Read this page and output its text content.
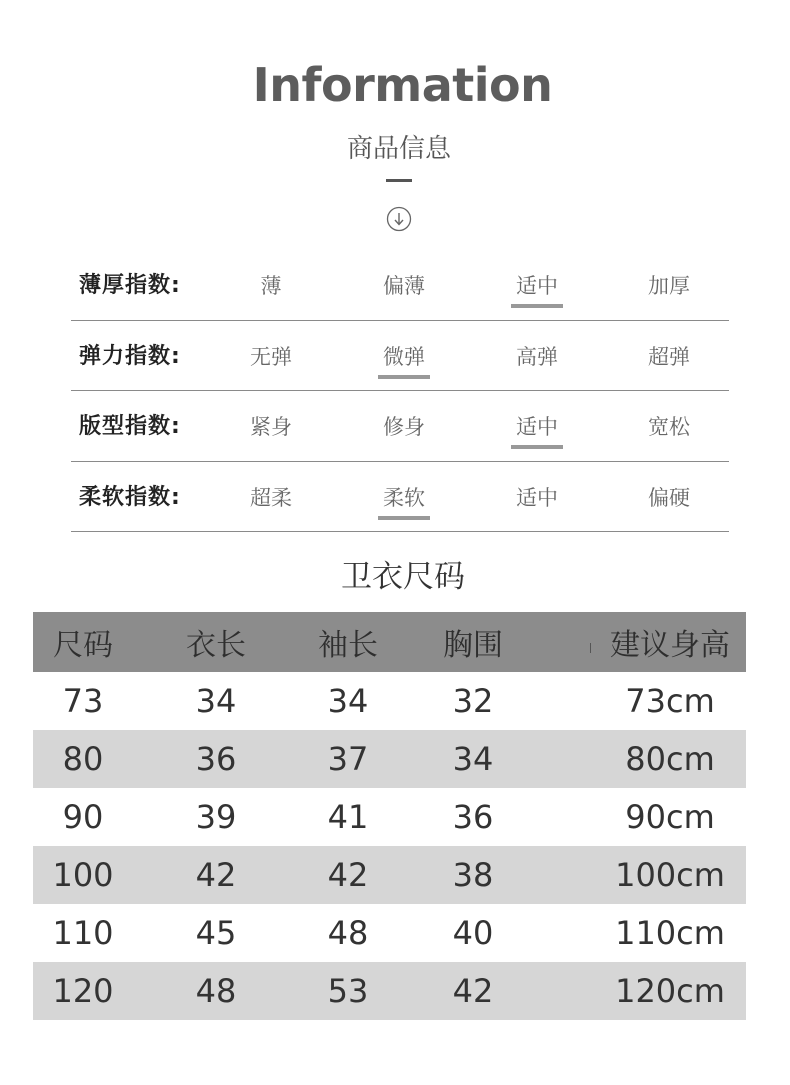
Information
商品信息
薄厚指数:	薄	偏薄	适中	加厚
弹力指数:	无弹	微弹	高弹	超弹
版型指数:	紧身	修身	适中	宽松
柔软指数:	超柔	柔软	适中	偏硬
卫衣尺码
尺码	衣长	袖长	胸围	建议身高
73	34	34	32	73cm
80	36	37	34	80cm
90	39	41	36	90cm
100	42	42	38	100cm
110	45	48	40	110cm
120	48	53	42	120cm
